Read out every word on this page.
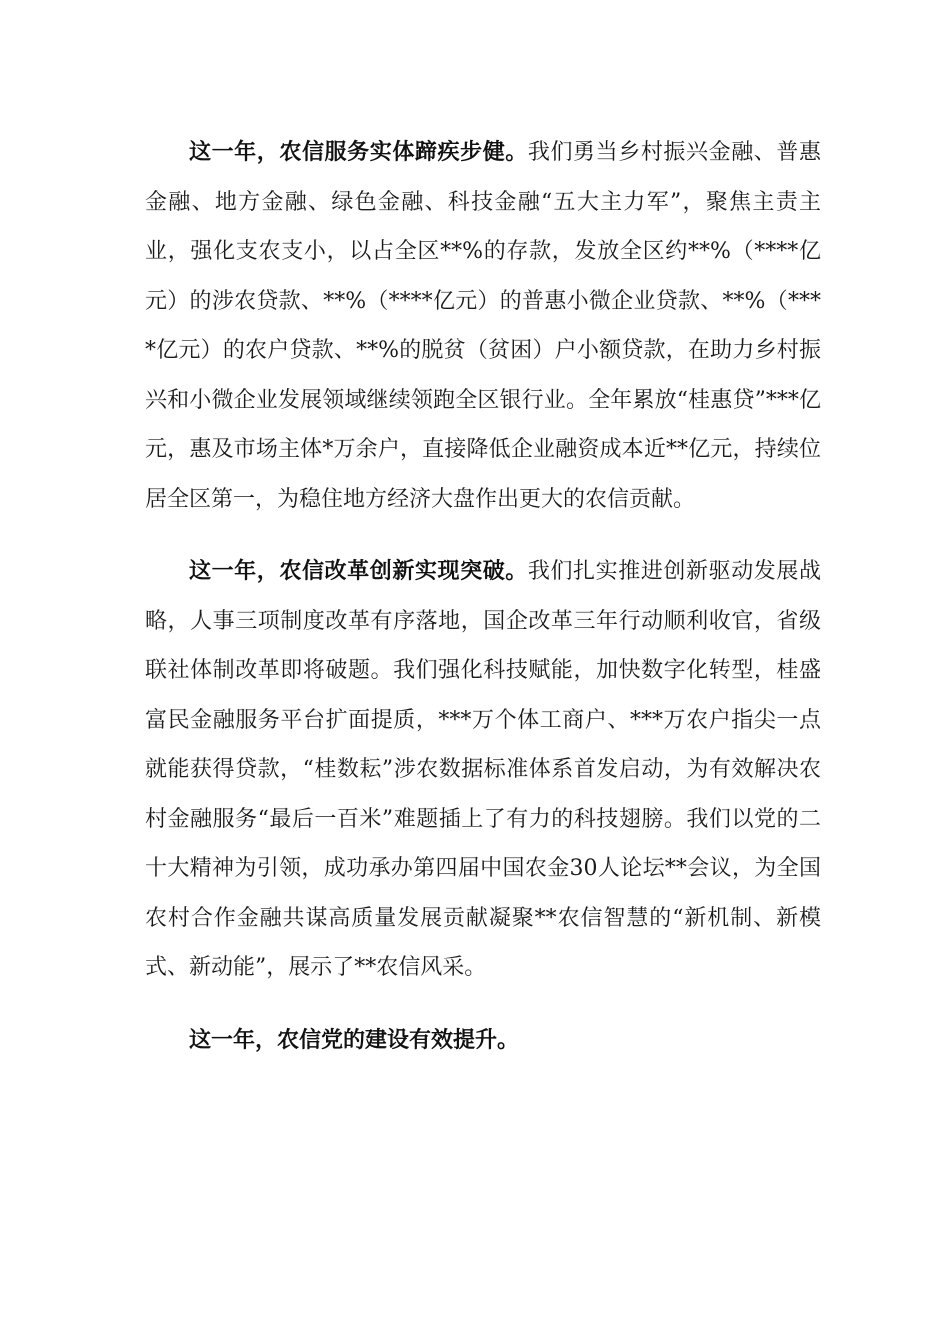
这一年，农信服务实体蹄疾步健。我们勇当乡村振兴金融、普惠金融、地方金融、绿色金融、科技金融“五大主力军”，聚焦主责主业，强化支农支小，以占全区**%的存款，发放全区约**%（****亿元）的涉农贷款、**%（****亿元）的普惠小微企业贷款、**%（****亿元）的农户贷款、**%的脱贫（贫困）户小额贷款，在助力乡村振兴和小微企业发展领域继续领跑全区银行业。全年累放“桂惠贷”***亿元，惠及市场主体*万余户，直接降低企业融资成本近**亿元，持续位居全区第一，为稳住地方经济大盘作出更大的农信贡献。

这一年，农信改革创新实现突破。我们扎实推进创新驱动发展战略，人事三项制度改革有序落地，国企改革三年行动顺利收官，省级联社体制改革即将破题。我们强化科技赋能，加快数字化转型，桂盛富民金融服务平台扩面提质，***万个体工商户、***万农户指尖一点就能获得贷款，“桂数耘”涉农数据标准体系首发启动，为有效解决农村金融服务“最后一百米”难题插上了有力的科技翅膀。我们以党的二十大精神为引领，成功承办第四届中国农金30人论坛**会议，为全国农村合作金融共谋高质量发展贡献凝聚**农信智慧的“新机制、新模式、新动能”，展示了**农信风采。

这一年，农信党的建设有效提升。
